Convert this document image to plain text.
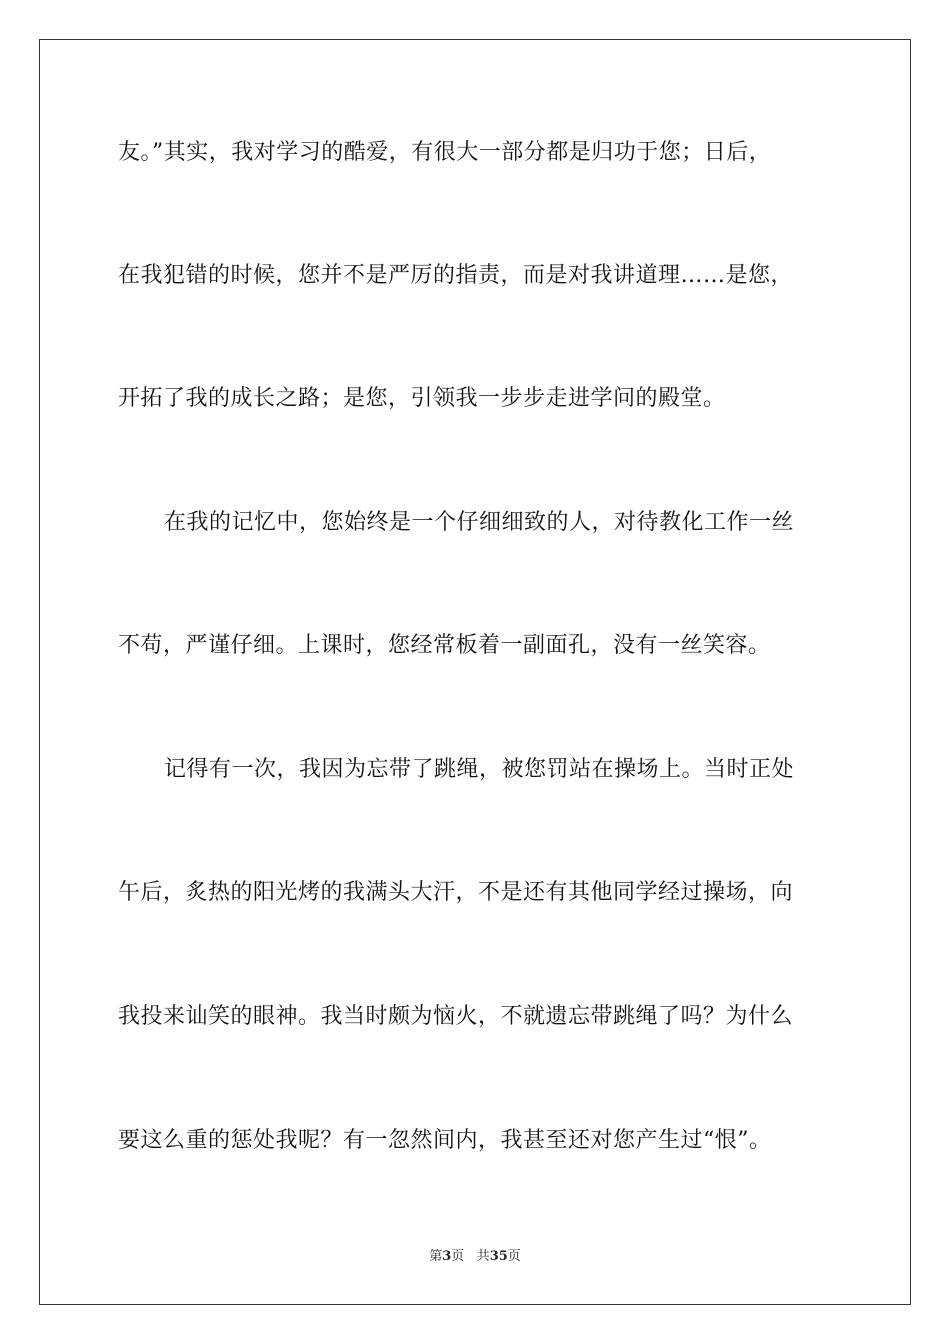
友。”其实，我对学习的酷爱，有很大一部分都是归功于您；日后，
在我犯错的时候，您并不是严厉的指责，而是对我讲道理……是您，
开拓了我的成长之路；是您，引领我一步步走进学问的殿堂。
在我的记忆中，您始终是一个仔细细致的人，对待教化工作一丝
不苟，严谨仔细。上课时，您经常板着一副面孔，没有一丝笑容。
记得有一次，我因为忘带了跳绳，被您罚站在操场上。当时正处
午后，炙热的阳光烤的我满头大汗，不是还有其他同学经过操场，向
我投来讪笑的眼神。我当时颇为恼火，不就遗忘带跳绳了吗？为什么
要这么重的惩处我呢？有一忽然间内，我甚至还对您产生过“恨”。
第3页 共35页
